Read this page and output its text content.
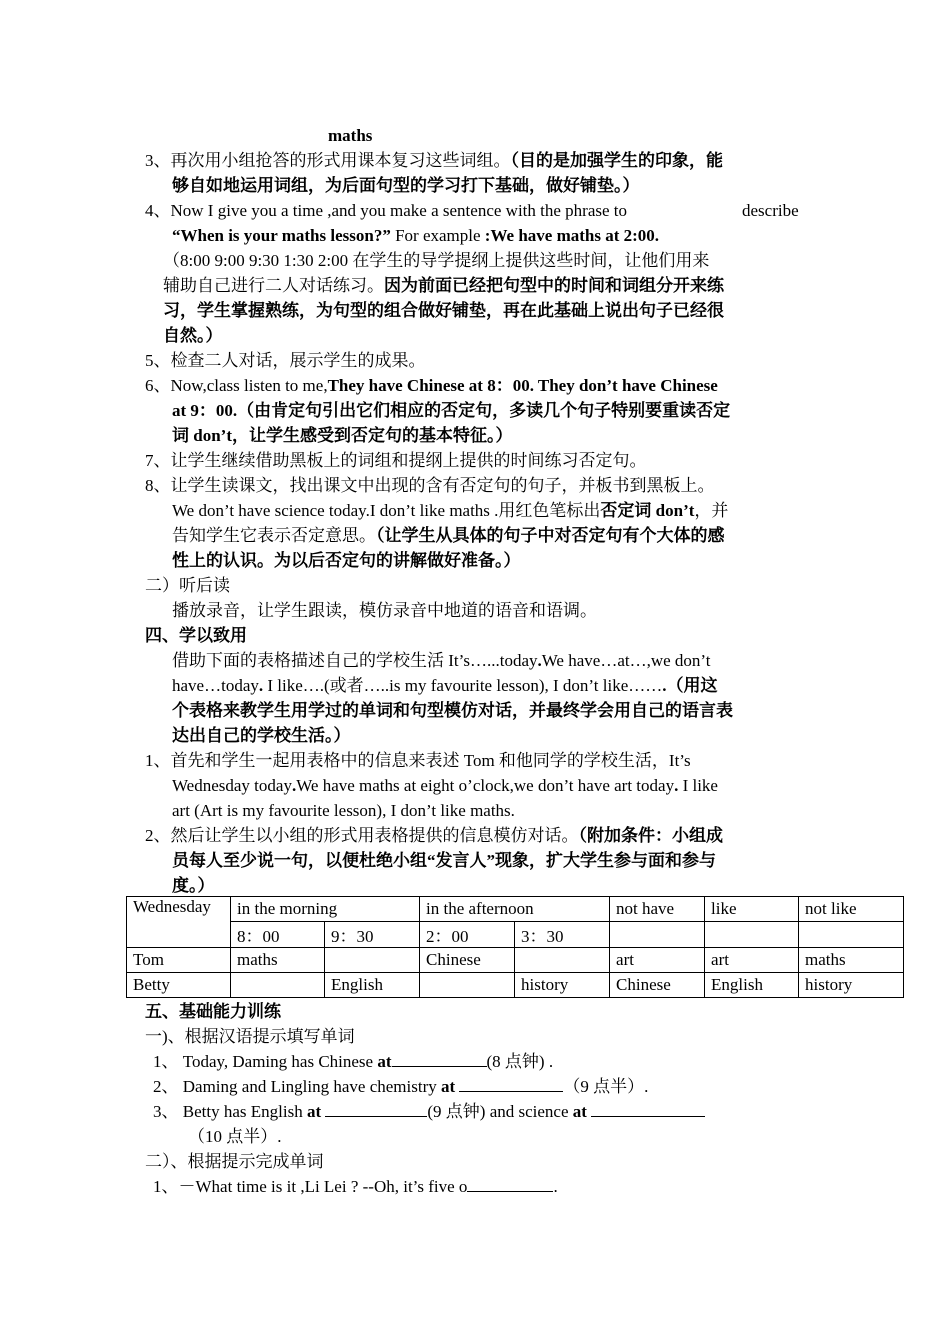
maths
3、再次用小组抢答的形式用课本复习这些词组。（目的是加强学生的印象，能
够自如地运用词组，为后面句型的学习打下基础，做好铺垫。）
4、Now I give you a time ,and you make a sentence with the phrase to	describe
“When is your maths lesson?” For example :We have maths at 2:00.
（8:00 9:00 9:30 1:30 2:00 在学生的导学提纲上提供这些时间，让他们用来
辅助自己进行二人对话练习。因为前面已经把句型中的时间和词组分开来练
习，学生掌握熟练，为句型的组合做好铺垫，再在此基础上说出句子已经很
自然。）
5、检查二人对话，展示学生的成果。
6、Now,class listen to me,They have Chinese at 8：00. They don’t have Chinese
at 9：00.（由肯定句引出它们相应的否定句，多读几个句子特别要重读否定
词 don’t，让学生感受到否定句的基本特征。）
7、让学生继续借助黑板上的词组和提纲上提供的时间练习否定句。
8、让学生读课文，找出课文中出现的含有否定句的句子，并板书到黑板上。
We don’t have science today.I don’t like maths .用红色笔标出否定词 don’t，并
告知学生它表示否定意思。（让学生从具体的句子中对否定句有个大体的感
性上的认识。为以后否定句的讲解做好准备。）
二）听后读
播放录音，让学生跟读，模仿录音中地道的语音和语调。
四、学以致用
借助下面的表格描述自己的学校生活 It’s…...today.We have…at…,we don’t
have…today. I like….(或者…..is my favourite lesson), I don’t like…….（用这
个表格来教学生用学过的单词和句型模仿对话，并最终学会用自己的语言表
达出自己的学校生活。）
1、首先和学生一起用表格中的信息来表述 Tom 和他同学的学校生活，It’s
Wednesday today.We have maths at eight o’clock,we don’t have art today. I like
art (Art is my favourite lesson), I don’t like maths.
2、然后让学生以小组的形式用表格提供的信息模仿对话。（附加条件：小组成
员每人至少说一句，以便杜绝小组“发言人”现象，扩大学生参与面和参与
度。）
Wednesday	in the morning		in the afternoon		not have	like	not like
	8：00	9：30	2：00	3：30			
Tom	maths		Chinese		art	art	maths
Betty		English		history	Chinese	English	history
五、基础能力训练
一)、根据汉语提示填写单词
1、 Today, Daming has Chinese at	(8 点钟) .
2、 Daming and Lingling have chemistry at	（9 点半）.
3、 Betty has English at	(9 点钟) and science at
（10 点半）.
二）、根据提示完成单词
1、－What time is it ,Li Lei ? --Oh, it’s five o	.
